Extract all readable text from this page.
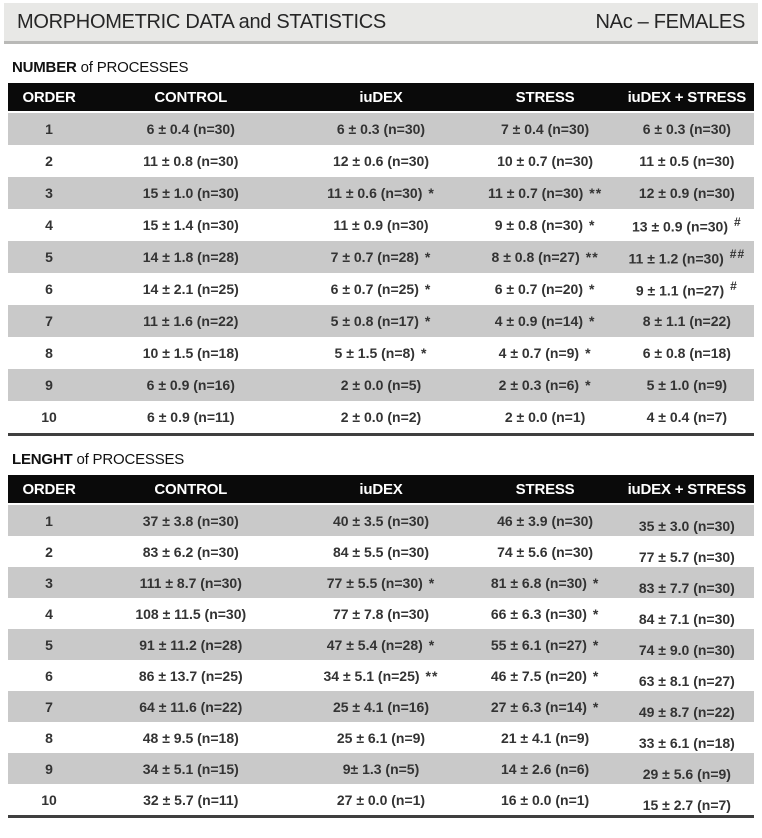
MORPHOMETRIC DATA and STATISTICS	NAc – FEMALES
NUMBER of PROCESSES
ORDER	CONTROL	iuDEX	STRESS	iuDEX + STRESS
1	6 ± 0.4 (n=30)	6 ± 0.3 (n=30)	7 ± 0.4 (n=30)	6 ± 0.3 (n=30)
2	11 ± 0.8 (n=30)	12 ± 0.6 (n=30)	10 ± 0.7 (n=30)	11 ± 0.5 (n=30)
3	15 ± 1.0 (n=30)	11 ± 0.6 (n=30) *	11 ± 0.7 (n=30) **	12 ± 0.9 (n=30)
4	15 ± 1.4 (n=30)	11 ± 0.9 (n=30)	9 ± 0.8 (n=30) *	13 ± 0.9 (n=30) #
5	14 ± 1.8 (n=28)	7 ± 0.7 (n=28) *	8 ± 0.8 (n=27) **	11 ± 1.2 (n=30) ##
6	14 ± 2.1 (n=25)	6 ± 0.7 (n=25) *	6 ± 0.7 (n=20) *	9 ± 1.1 (n=27) #
7	11 ± 1.6 (n=22)	5 ± 0.8 (n=17) *	4 ± 0.9 (n=14) *	8 ± 1.1 (n=22)
8	10 ± 1.5 (n=18)	5 ± 1.5 (n=8) *	4 ± 0.7 (n=9) *	6 ± 0.8 (n=18)
9	6 ± 0.9 (n=16)	2 ± 0.0 (n=5)	2 ± 0.3 (n=6) *	5 ± 1.0 (n=9)
10	6 ± 0.9 (n=11)	2 ± 0.0 (n=2)	2 ± 0.0 (n=1)	4 ± 0.4 (n=7)
LENGHT of PROCESSES
ORDER	CONTROL	iuDEX	STRESS	iuDEX + STRESS
1	37 ± 3.8 (n=30)	40 ± 3.5 (n=30)	46 ± 3.9 (n=30)	35 ± 3.0 (n=30)
2	83 ± 6.2 (n=30)	84 ± 5.5 (n=30)	74 ± 5.6 (n=30)	77 ± 5.7 (n=30)
3	111 ± 8.7 (n=30)	77 ± 5.5 (n=30) *	81 ± 6.8 (n=30) *	83 ± 7.7 (n=30)
4	108 ± 11.5 (n=30)	77 ± 7.8 (n=30)	66 ± 6.3 (n=30) *	84 ± 7.1 (n=30)
5	91 ± 11.2 (n=28)	47 ± 5.4 (n=28) *	55 ± 6.1 (n=27) *	74 ± 9.0 (n=30)
6	86 ± 13.7 (n=25)	34 ± 5.1 (n=25) **	46 ± 7.5 (n=20) *	63 ± 8.1 (n=27)
7	64 ± 11.6 (n=22)	25 ± 4.1 (n=16)	27 ± 6.3 (n=14) *	49 ± 8.7 (n=22)
8	48 ± 9.5 (n=18)	25 ± 6.1 (n=9)	21 ± 4.1 (n=9)	33 ± 6.1 (n=18)
9	34 ± 5.1 (n=15)	9± 1.3 (n=5)	14 ± 2.6 (n=6)	29 ± 5.6 (n=9)
10	32 ± 5.7 (n=11)	27 ± 0.0 (n=1)	16 ± 0.0 (n=1)	15 ± 2.7 (n=7)
